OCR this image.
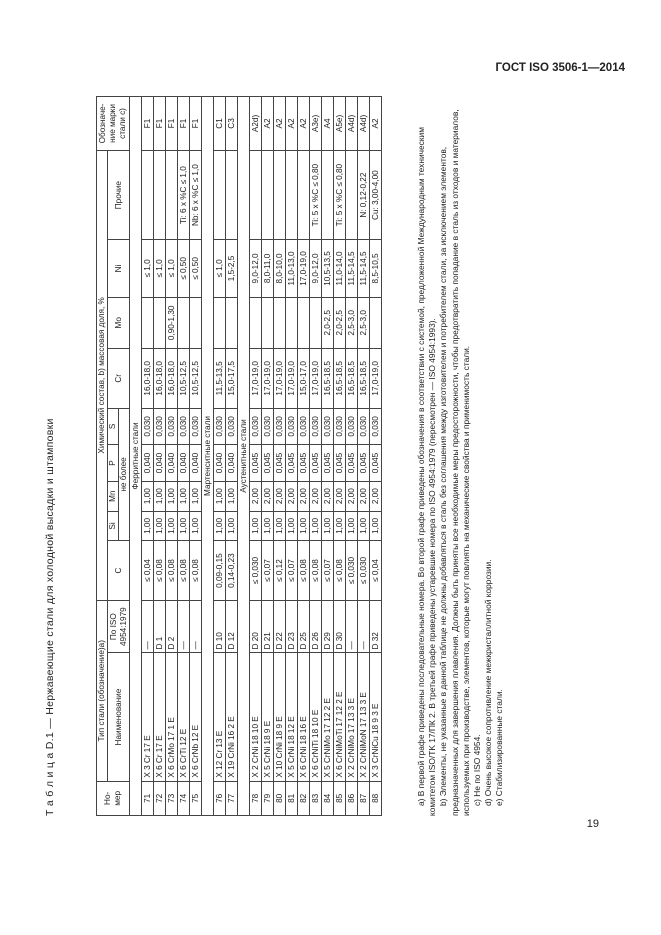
ГОСТ ISO 3506-1—2014
Т а б л и ц а D.1 — Нержавеющие стали для холодной высадки и штамповки	Но-мер	Тип стали (обозначение)a)		Химический состав, b) массовая доля, %									Обозначе-ние марки стали c)
	Наименование	По ISO 4954:1979	C	Si	Mn	P	S	Cr	Mo	Ni	Прочие	
				не более								
Ферритные стали												
71	X 3 Cr 17 E	—	≤ 0,04	1,00	1,00	0,040	0,030	16,0-18,0		≤ 1,0		F1
72	X 6 Cr 17 E	D 1	≤ 0,08	1,00	1,00	0,040	0,030	16,0-18,0		≤ 1,0		F1
73	X 6 CrMo 17 1 E	D 2	≤ 0,08	1,00	1,00	0,040	0,030	16,0-18,0	0,90-1,30	≤ 1,0		F1
74	X 6 CrTi 12 E	—	≤ 0,08	1,00	1,00	0,040	0,030	10,5-12,5		≤ 0,50	Ti: 6 х %C ≤ 1,0	F1
75	X 6 CrNb 12 E	—	≤ 0,08	1,00	1,00	0,040	0,030	10,5-12,5		≤ 0,50	Nb: 6 х %C ≤ 1,0	F1
Мартенситные стали												
76	X 12 Cr 13 E	D 10	0,09-0,15	1,00	1,00	0,040	0,030	11,5-13,5		≤ 1,0		C1
77	X 19 CrNi 16 2 E	D 12	0,14-0,23	1,00	1,00	0,040	0,030	15,0-17,5		1,5-2,5		C3
Аустенитные стали												
78	X 2 CrNi 18 10 E	D 20	≤ 0,030	1,00	2,00	0,045	0,030	17,0-19,0		9,0-12,0		A2d)
79	X 5 CrNi 18 9 E	D 21	≤ 0,07	1,00	2,00	0,045	0,030	17,0-19,0		8,0-11,0		A2
80	X 10 CrNi 18 9 E	D 22	≤ 0,12	1,00	2,00	0,045	0,030	17,0-19,0		8,0-10,0		A2
81	X 5 CrNi 18 12 E	D 23	≤ 0,07	1,00	2,00	0,045	0,030	17,0-19,0		11,0-13,0		A2
82	X 6 CrNi 18 16 E	D 25	≤ 0,08	1,00	2,00	0,045	0,030	15,0-17,0		17,0-19,0		A2
83	X 6 CrNiTi 18 10 E	D 26	≤ 0,08	1,00	2,00	0,045	0,030	17,0-19,0		9,0-12,0	Ti: 5 х %C ≤ 0,80	A3e)
84	X 5 CrNiMo 17 12 2 E	D 29	≤ 0,07	1,00	2,00	0,045	0,030	16,5-18,5	2,0-2,5	10,5-13,5		A4
85	X 6 CrNiMoTi 17 12 2 E	D 30	≤ 0,08	1,00	2,00	0,045	0,030	16,5-18,5	2,0-2,5	11,0-14,0	Ti: 5 х %C ≤ 0,80	A5e)
86	X 2 CrNiMo 17 13 3 E	—	≤ 0,030	1,00	2,00	0,045	0,030	16,5-18,5	2,5-3,0	11,5-14,5		A4d)
87	X 2 CrNiMoN 17 13 3 E	—	≤ 0,030	1,00	2,00	0,045	0,030	16,5-18,5	2,5-3,0	11,5-14,5	N: 0,12-0,22	A4d)
88	X 3 CrNiCu 18 9 3 E	D 32	≤ 0,04	1,00	2,00	0,045	0,030	17,0-19,0		8,5-10,5	Cu: 3,00-4,00	A2

a) В первой графе приведены последовательные номера. Во второй графе приведены обозначения в соответствии с системой, предложенной Международным техническим комитетом ISO/TK 17/ПК 2. В третьей графе приведены устаревшие номера по ISO 4954:1979 (пересмотрен — ISO 4954:1993). b) Элементы, не указанные в данной таблице не должны добавляться в сталь без соглашения между изготовителем и потребителем стали, за исключением элементов, предназначенных для завершения плавления. Должны быть приняты все необходимые меры предосторожности, чтобы предотвратить попадание в сталь из отходов и материалов, используемых при производстве, элементов, которые могут повлиять на механические свойства и применимость стали. c) Не по ISO 4954. d) Очень высокое сопротивление межкристаллитной коррозии. e) Стабилизированные стали.

19
